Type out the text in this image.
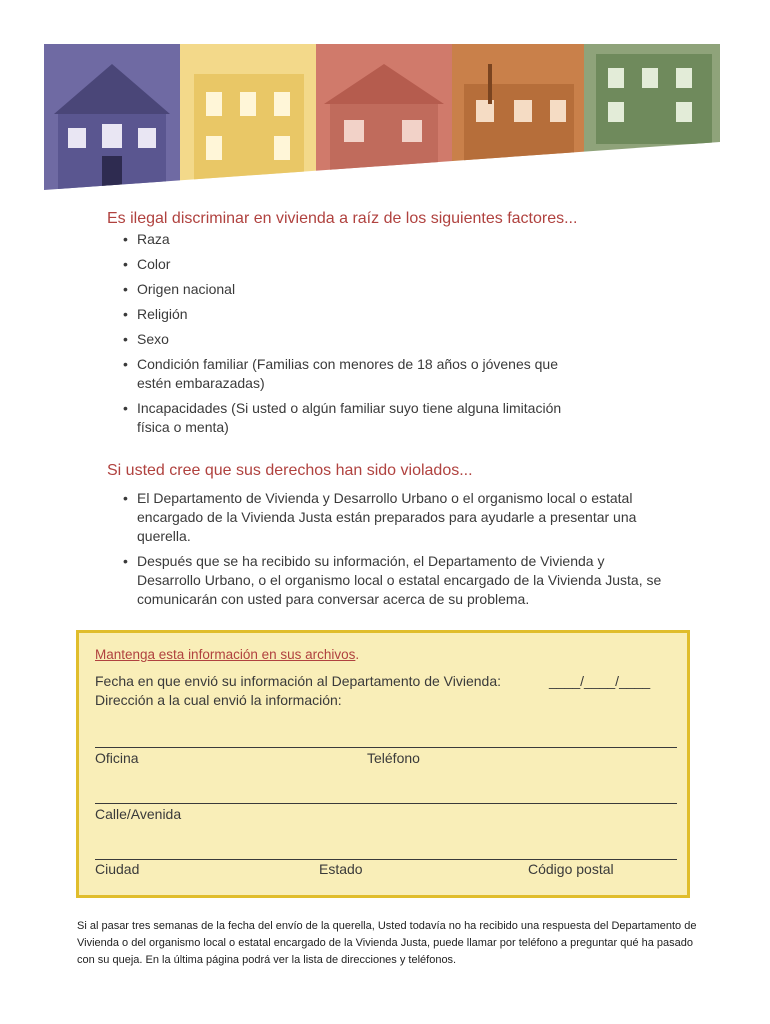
Es ilegal discriminar en vivienda a raíz de los siguientes factores...
• Raza
• Color
• Origen nacional
• Religión
• Sexo
• Condición familiar (Familias con menores de 18 años o jóvenes que estén embarazadas)
• Incapacidades (Si usted o algún familiar suyo tiene alguna limitación física o menta)
Si usted cree que sus derechos han sido violados...
• El Departamento de Vivienda y Desarrollo Urbano o el organismo local o estatal encargado de la Vivienda Justa están preparados para ayudarle a presentar una querella.
• Después que se ha recibido su información, el Departamento de Vivienda y Desarrollo Urbano, o el organismo local o estatal encargado de la Vivienda Justa, se comunicarán con usted para conversar acerca de su problema.
Mantenga esta información en sus archivos.
Fecha en que envió su información al Departamento de Vivienda:	____/____/____
Dirección a la cual envió la información:
Oficina	Teléfono
Calle/Avenida
Ciudad	Estado	Código postal
Si al pasar tres semanas de la fecha del envío de la querella, Usted todavía no ha recibido una respuesta del Departamento de Vivienda o del organismo local o estatal encargado de la Vivienda Justa, puede llamar por teléfono a preguntar qué ha pasado con su queja. En la última página podrá ver la lista de direcciones y teléfonos.
